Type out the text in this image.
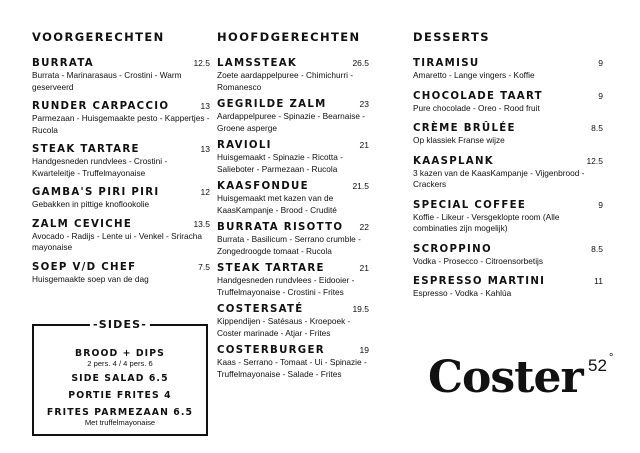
VOORGERECHTEN
BURRATA	12.5
Burrata - Marinarasaus - Crostini - Warm geserveerd
RUNDER CARPACCIO	13
Parmezaan - Huisgemaakte pesto - Kappertjes - Rucola
STEAK TARTARE	13
Handgesneden rundvlees - Crostini - Kwarteleitje - Truffelmayonaise
GAMBA'S PIRI PIRI	12
Gebakken in pittige knoflookolie
ZALM CEVICHE	13.5
Avocado - Radijs - Lente ui - Venkel - Sriracha mayonaise
SOEP V/D CHEF	7.5
Huisgemaakte soep van de dag
HOOFDGERECHTEN
LAMSSTEAK	26.5
Zoete aardappelpuree - Chimichurri - Romanesco
GEGRILDE ZALM	23
Aardappelpuree - Spinazie - Bearnaise - Groene asperge
RAVIOLI	21
Huisgemaakt - Spinazie - Ricotta - Salieboter - Parmezaan - Rucola
KAASFONDUE	21.5
Huisgemaakt met kazen van de KaasKampanje - Brood - Crudité
BURRATA RISOTTO 22
Burrata - Basilicum - Serrano crumble - Zongedroogde tomaat - Rucola
STEAK TARTARE	21
Handgesneden rundvlees - Eidooier - Truffelmayonaise - Crostini - Frites
COSTERSATÉ	19.5
Kippendijen - Satésaus - Kroepoek - Coster marinade - Atjar - Frites
COSTERBURGER	19
Kaas - Serrano - Tomaat - Ui - Spinazie - Truffelmayonaise - Salade - Frites
DESSERTS
TIRAMISU	9
Amaretto - Lange vingers - Koffie
CHOCOLADE TAART	9
Pure chocolade - Oreo - Rood fruit
CRÈME BRÛLÉE	8.5
Op klassiek Franse wijze
KAASPLANK	12.5
3 kazen van de KaasKampanje - Vijgenbrood - Crackers
SPECIAL COFFEE	9
Koffie - Likeur - Versgeklopte room (Alle combinaties zijn mogelijk)
SCROPPINO	8.5
Vodka - Prosecco - Citroensorbetijs
ESPRESSO MARTINI	11
Espresso - Vodka - Kahlúa
-SIDES-
BROOD + DIPS
2 pers. 4 / 4 pers. 6
SIDE SALAD 6.5
PORTIE FRITES 4
FRITES PARMEZAAN 6.5
Met truffelmayonaise
Coster 52 °
